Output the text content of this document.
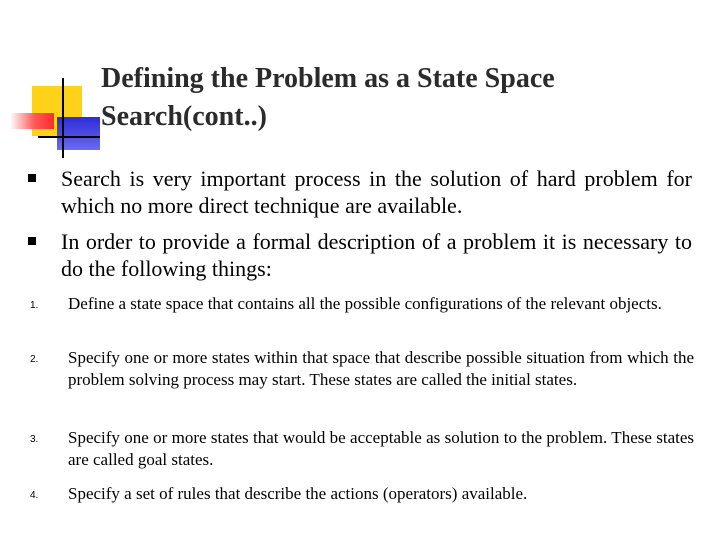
Defining the Problem as a State Space
Search(cont..)
Search is very important process in the solution of hard problem for which no more direct technique are available.
In order to provide a formal description of a problem it is necessary to do the following things:
1. Define a state space that contains all the possible configurations of the relevant objects.
2. Specify one or more states within that space that describe possible situation from which the problem solving process may start. These states are called the initial states.
3. Specify one or more states that would be acceptable as solution to the problem. These states are called goal states.
4. Specify a set of rules that describe the actions (operators) available.
